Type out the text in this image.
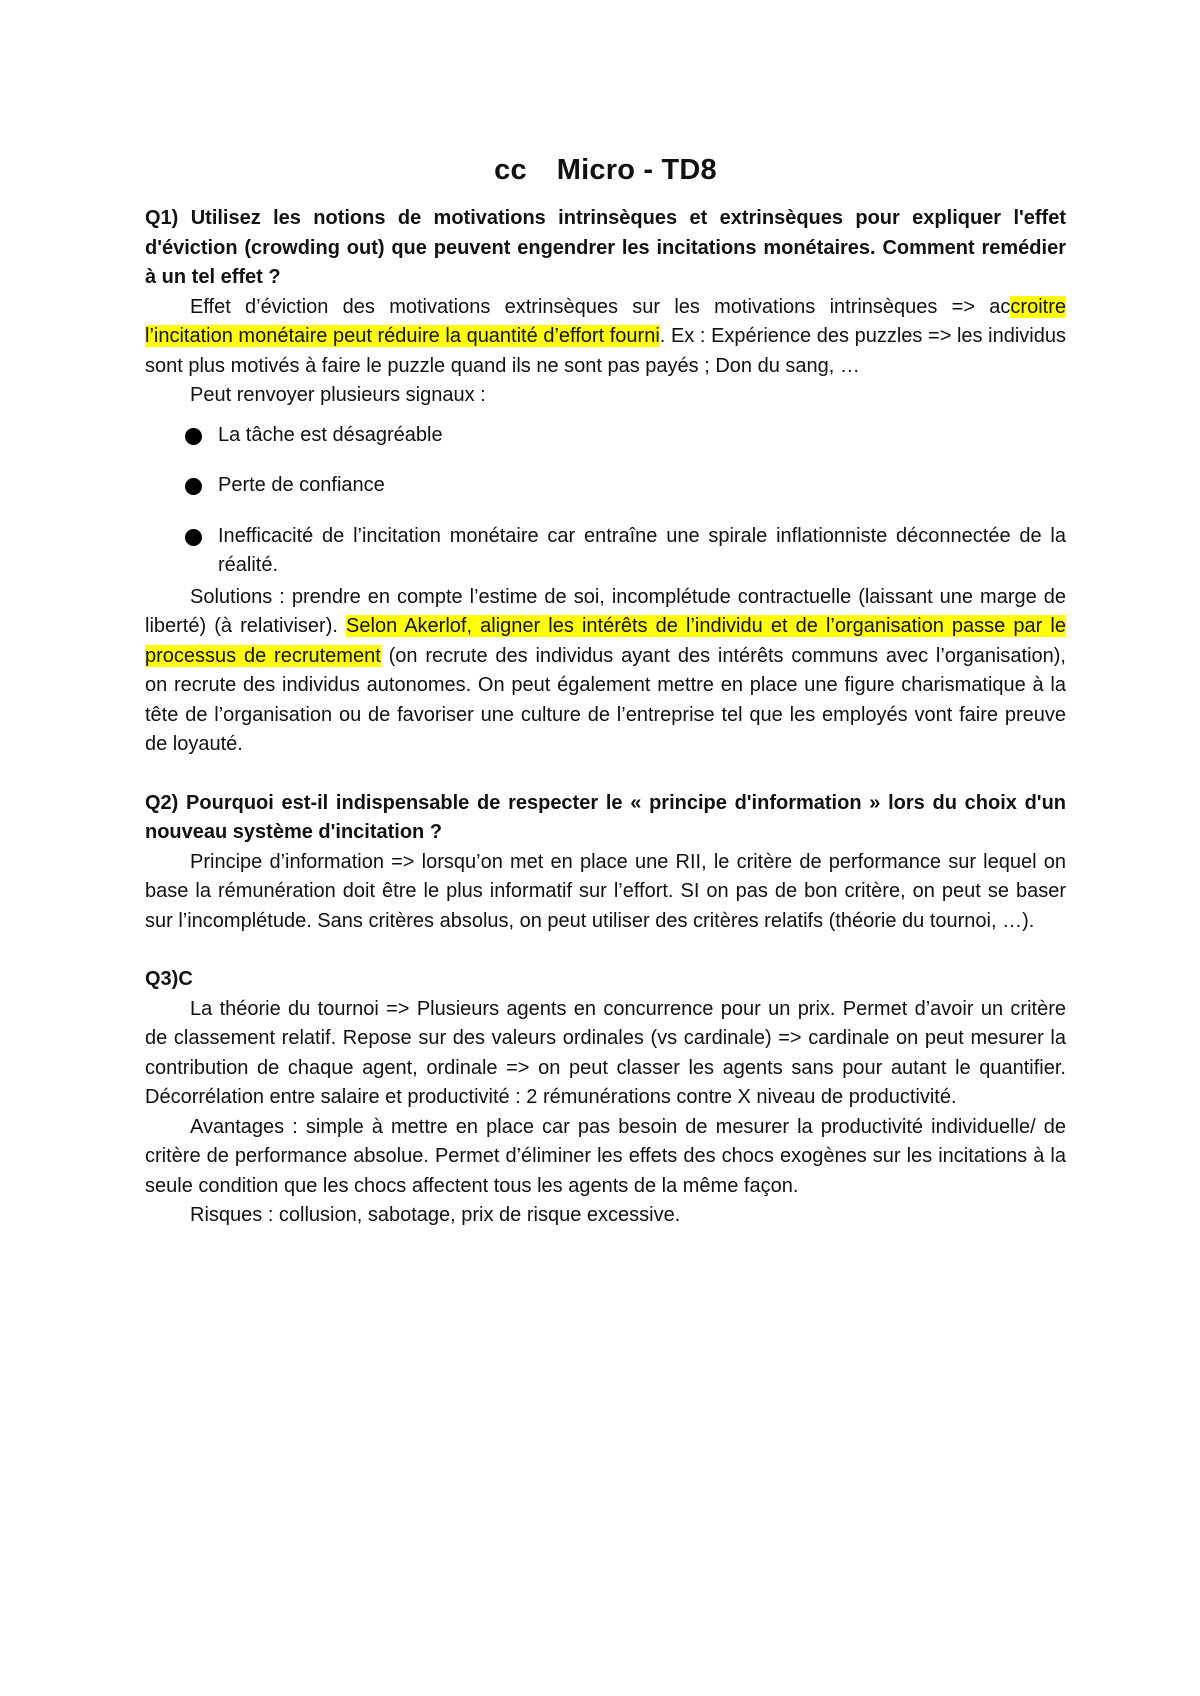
cc Micro - TD8

Q1) Utilisez les notions de motivations intrinsèques et extrinsèques pour expliquer l'effet d'éviction (crowding out) que peuvent engendrer les incitations monétaires. Comment remédier à un tel effet ?

Effet d’éviction des motivations extrinsèques sur les motivations intrinsèques => accroitre l’incitation monétaire peut réduire la quantité d’effort fourni. Ex : Expérience des puzzles => les individus sont plus motivés à faire le puzzle quand ils ne sont pas payés ; Don du sang, …

Peut renvoyer plusieurs signaux :

La tâche est désagréable
Perte de confiance
Inefficacité de l’incitation monétaire car entraîne une spirale inflationniste déconnectée de la réalité.

Solutions : prendre en compte l’estime de soi, incomplétude contractuelle (laissant une marge de liberté) (à relativiser). Selon Akerlof, aligner les intérêts de l’individu et de l’organisation passe par le processus de recrutement (on recrute des individus ayant des intérêts communs avec l’organisation), on recrute des individus autonomes. On peut également mettre en place une figure charismatique à la tête de l’organisation ou de favoriser une culture de l’entreprise tel que les employés vont faire preuve de loyauté.

Q2) Pourquoi est-il indispensable de respecter le « principe d'information » lors du choix d'un nouveau système d'incitation ?

Principe d’information => lorsqu’on met en place une RII, le critère de performance sur lequel on base la rémunération doit être le plus informatif sur l’effort. SI on pas de bon critère, on peut se baser sur l’incomplétude. Sans critères absolus, on peut utiliser des critères relatifs (théorie du tournoi, …).

Q3)C

La théorie du tournoi => Plusieurs agents en concurrence pour un prix. Permet d’avoir un critère de classement relatif. Repose sur des valeurs ordinales (vs cardinale) => cardinale on peut mesurer la contribution de chaque agent, ordinale => on peut classer les agents sans pour autant le quantifier. Décorrélation entre salaire et productivité : 2 rémunérations contre X niveau de productivité.

Avantages : simple à mettre en place car pas besoin de mesurer la productivité individuelle/ de critère de performance absolue. Permet d’éliminer les effets des chocs exogènes sur les incitations à la seule condition que les chocs affectent tous les agents de la même façon.

Risques : collusion, sabotage, prix de risque excessive.
